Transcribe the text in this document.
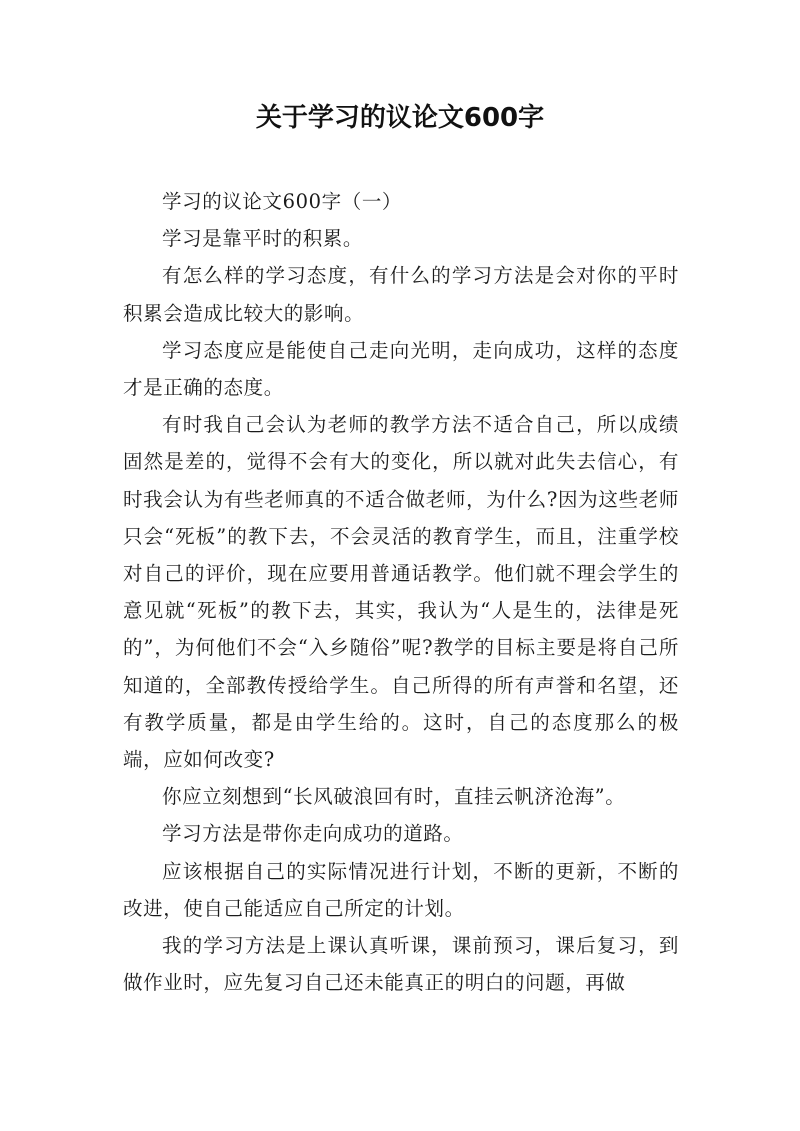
关于学习的议论文600字

学习的议论文600字（一）

学习是靠平时的积累。

有怎么样的学习态度，有什么的学习方法是会对你的平时积累会造成比较大的影响。

学习态度应是能使自己走向光明，走向成功，这样的态度才是正确的态度。

有时我自己会认为老师的教学方法不适合自己，所以成绩固然是差的，觉得不会有大的变化，所以就对此失去信心，有时我会认为有些老师真的不适合做老师，为什么?因为这些老师只会“死板”的教下去，不会灵活的教育学生，而且，注重学校对自己的评价，现在应要用普通话教学。他们就不理会学生的意见就“死板”的教下去，其实，我认为“人是生的，法律是死的”，为何他们不会“入乡随俗”呢?教学的目标主要是将自己所知道的，全部教传授给学生。自己所得的所有声誉和名望，还有教学质量，都是由学生给的。这时，自己的态度那么的极端，应如何改变?

你应立刻想到“长风破浪回有时，直挂云帆济沧海”。

学习方法是带你走向成功的道路。

应该根据自己的实际情况进行计划，不断的更新，不断的改进，使自己能适应自己所定的计划。

我的学习方法是上课认真听课，课前预习，课后复习，到做作业时，应先复习自己还未能真正的明白的问题，再做
